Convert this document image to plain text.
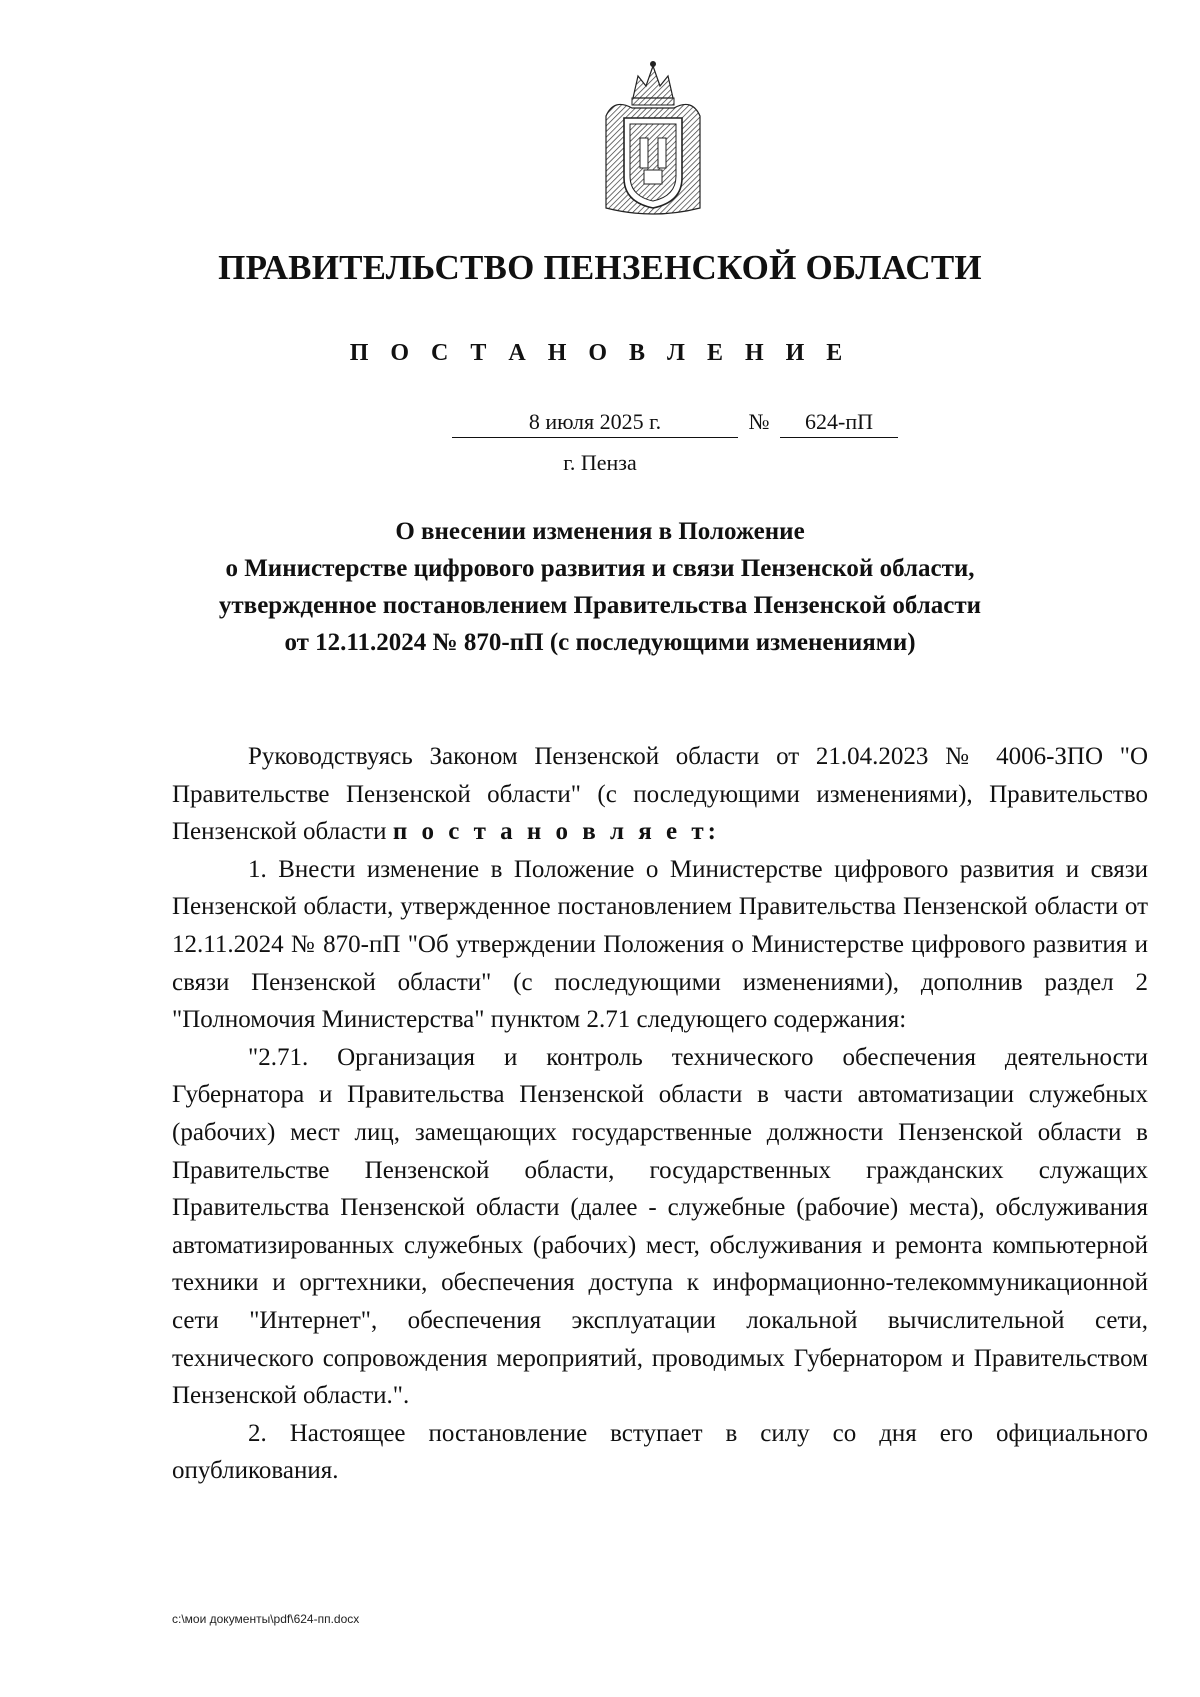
ПРАВИТЕЛЬСТВО ПЕНЗЕНСКОЙ ОБЛАСТИ
П О С Т А Н О В Л Е Н И Е
8 июля 2025 г.	№	624-пП
г. Пенза
О внесении изменения в Положение
о Министерстве цифрового развития и связи Пензенской области,
утвержденное постановлением Правительства Пензенской области
от 12.11.2024 № 870-пП (с последующими изменениями)

Руководствуясь Законом Пензенской области от 21.04.2023 № 4006-ЗПО "О Правительстве Пензенской области" (с последующими изменениями), Правительство Пензенской области п о с т а н о в л я е т:

1. Внести изменение в Положение о Министерстве цифрового развития и связи Пензенской области, утвержденное постановлением Правительства Пензенской области от 12.11.2024 № 870-пП "Об утверждении Положения о Министерстве цифрового развития и связи Пензенской области" (с последующими изменениями), дополнив раздел 2 "Полномочия Министерства" пунктом 2.71 следующего содержания:

"2.71. Организация и контроль технического обеспечения деятельности Губернатора и Правительства Пензенской области в части автоматизации служебных (рабочих) мест лиц, замещающих государственные должности Пензенской области в Правительстве Пензенской области, государственных гражданских служащих Правительства Пензенской области (далее - служебные (рабочие) места), обслуживания автоматизированных служебных (рабочих) мест, обслуживания и ремонта компьютерной техники и оргтехники, обеспечения доступа к информационно-телекоммуникационной сети "Интернет", обеспечения эксплуатации локальной вычислительной сети, технического сопровождения мероприятий, проводимых Губернатором и Правительством Пензенской области.".

2. Настоящее постановление вступает в силу со дня его официального опубликования.

c:\мои документы\pdf\624-пп.docx
